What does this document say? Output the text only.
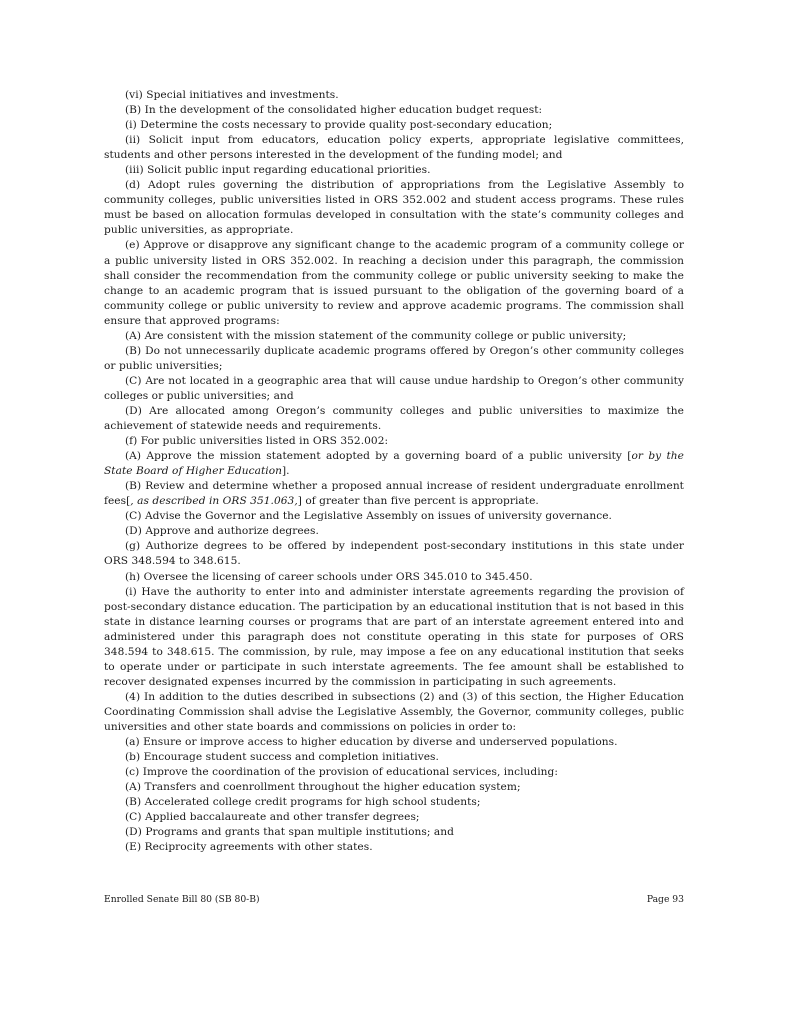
(vi) Special initiatives and investments.

(B) In the development of the consolidated higher education budget request:

(i) Determine the costs necessary to provide quality post-secondary education;

(ii) Solicit input from educators, education policy experts, appropriate legislative committees, students and other persons interested in the development of the funding model; and

(iii) Solicit public input regarding educational priorities.

(d) Adopt rules governing the distribution of appropriations from the Legislative Assembly to community colleges, public universities listed in ORS 352.002 and student access programs. These rules must be based on allocation formulas developed in consultation with the state’s community colleges and public universities, as appropriate.

(e) Approve or disapprove any significant change to the academic program of a community college or a public university listed in ORS 352.002. In reaching a decision under this paragraph, the commission shall consider the recommendation from the community college or public university seeking to make the change to an academic program that is issued pursuant to the obligation of the governing board of a community college or public university to review and approve academic programs. The commission shall ensure that approved programs:

(A) Are consistent with the mission statement of the community college or public university;

(B) Do not unnecessarily duplicate academic programs offered by Oregon’s other community colleges or public universities;

(C) Are not located in a geographic area that will cause undue hardship to Oregon’s other community colleges or public universities; and

(D) Are allocated among Oregon’s community colleges and public universities to maximize the achievement of statewide needs and requirements.

(f) For public universities listed in ORS 352.002:

(A) Approve the mission statement adopted by a governing board of a public university [or by the State Board of Higher Education].

(B) Review and determine whether a proposed annual increase of resident undergraduate enrollment fees[, as described in ORS 351.063,] of greater than five percent is appropriate.

(C) Advise the Governor and the Legislative Assembly on issues of university governance.

(D) Approve and authorize degrees.

(g) Authorize degrees to be offered by independent post-secondary institutions in this state under ORS 348.594 to 348.615.

(h) Oversee the licensing of career schools under ORS 345.010 to 345.450.

(i) Have the authority to enter into and administer interstate agreements regarding the provision of post-secondary distance education. The participation by an educational institution that is not based in this state in distance learning courses or programs that are part of an interstate agreement entered into and administered under this paragraph does not constitute operating in this state for purposes of ORS 348.594 to 348.615. The commission, by rule, may impose a fee on any educational institution that seeks to operate under or participate in such interstate agreements. The fee amount shall be established to recover designated expenses incurred by the commission in participating in such agreements.

(4) In addition to the duties described in subsections (2) and (3) of this section, the Higher Education Coordinating Commission shall advise the Legislative Assembly, the Governor, community colleges, public universities and other state boards and commissions on policies in order to:

(a) Ensure or improve access to higher education by diverse and underserved populations.

(b) Encourage student success and completion initiatives.

(c) Improve the coordination of the provision of educational services, including:

(A) Transfers and coenrollment throughout the higher education system;

(B) Accelerated college credit programs for high school students;

(C) Applied baccalaureate and other transfer degrees;

(D) Programs and grants that span multiple institutions; and

(E) Reciprocity agreements with other states.

Enrolled Senate Bill 80 (SB 80-B)	Page 93
